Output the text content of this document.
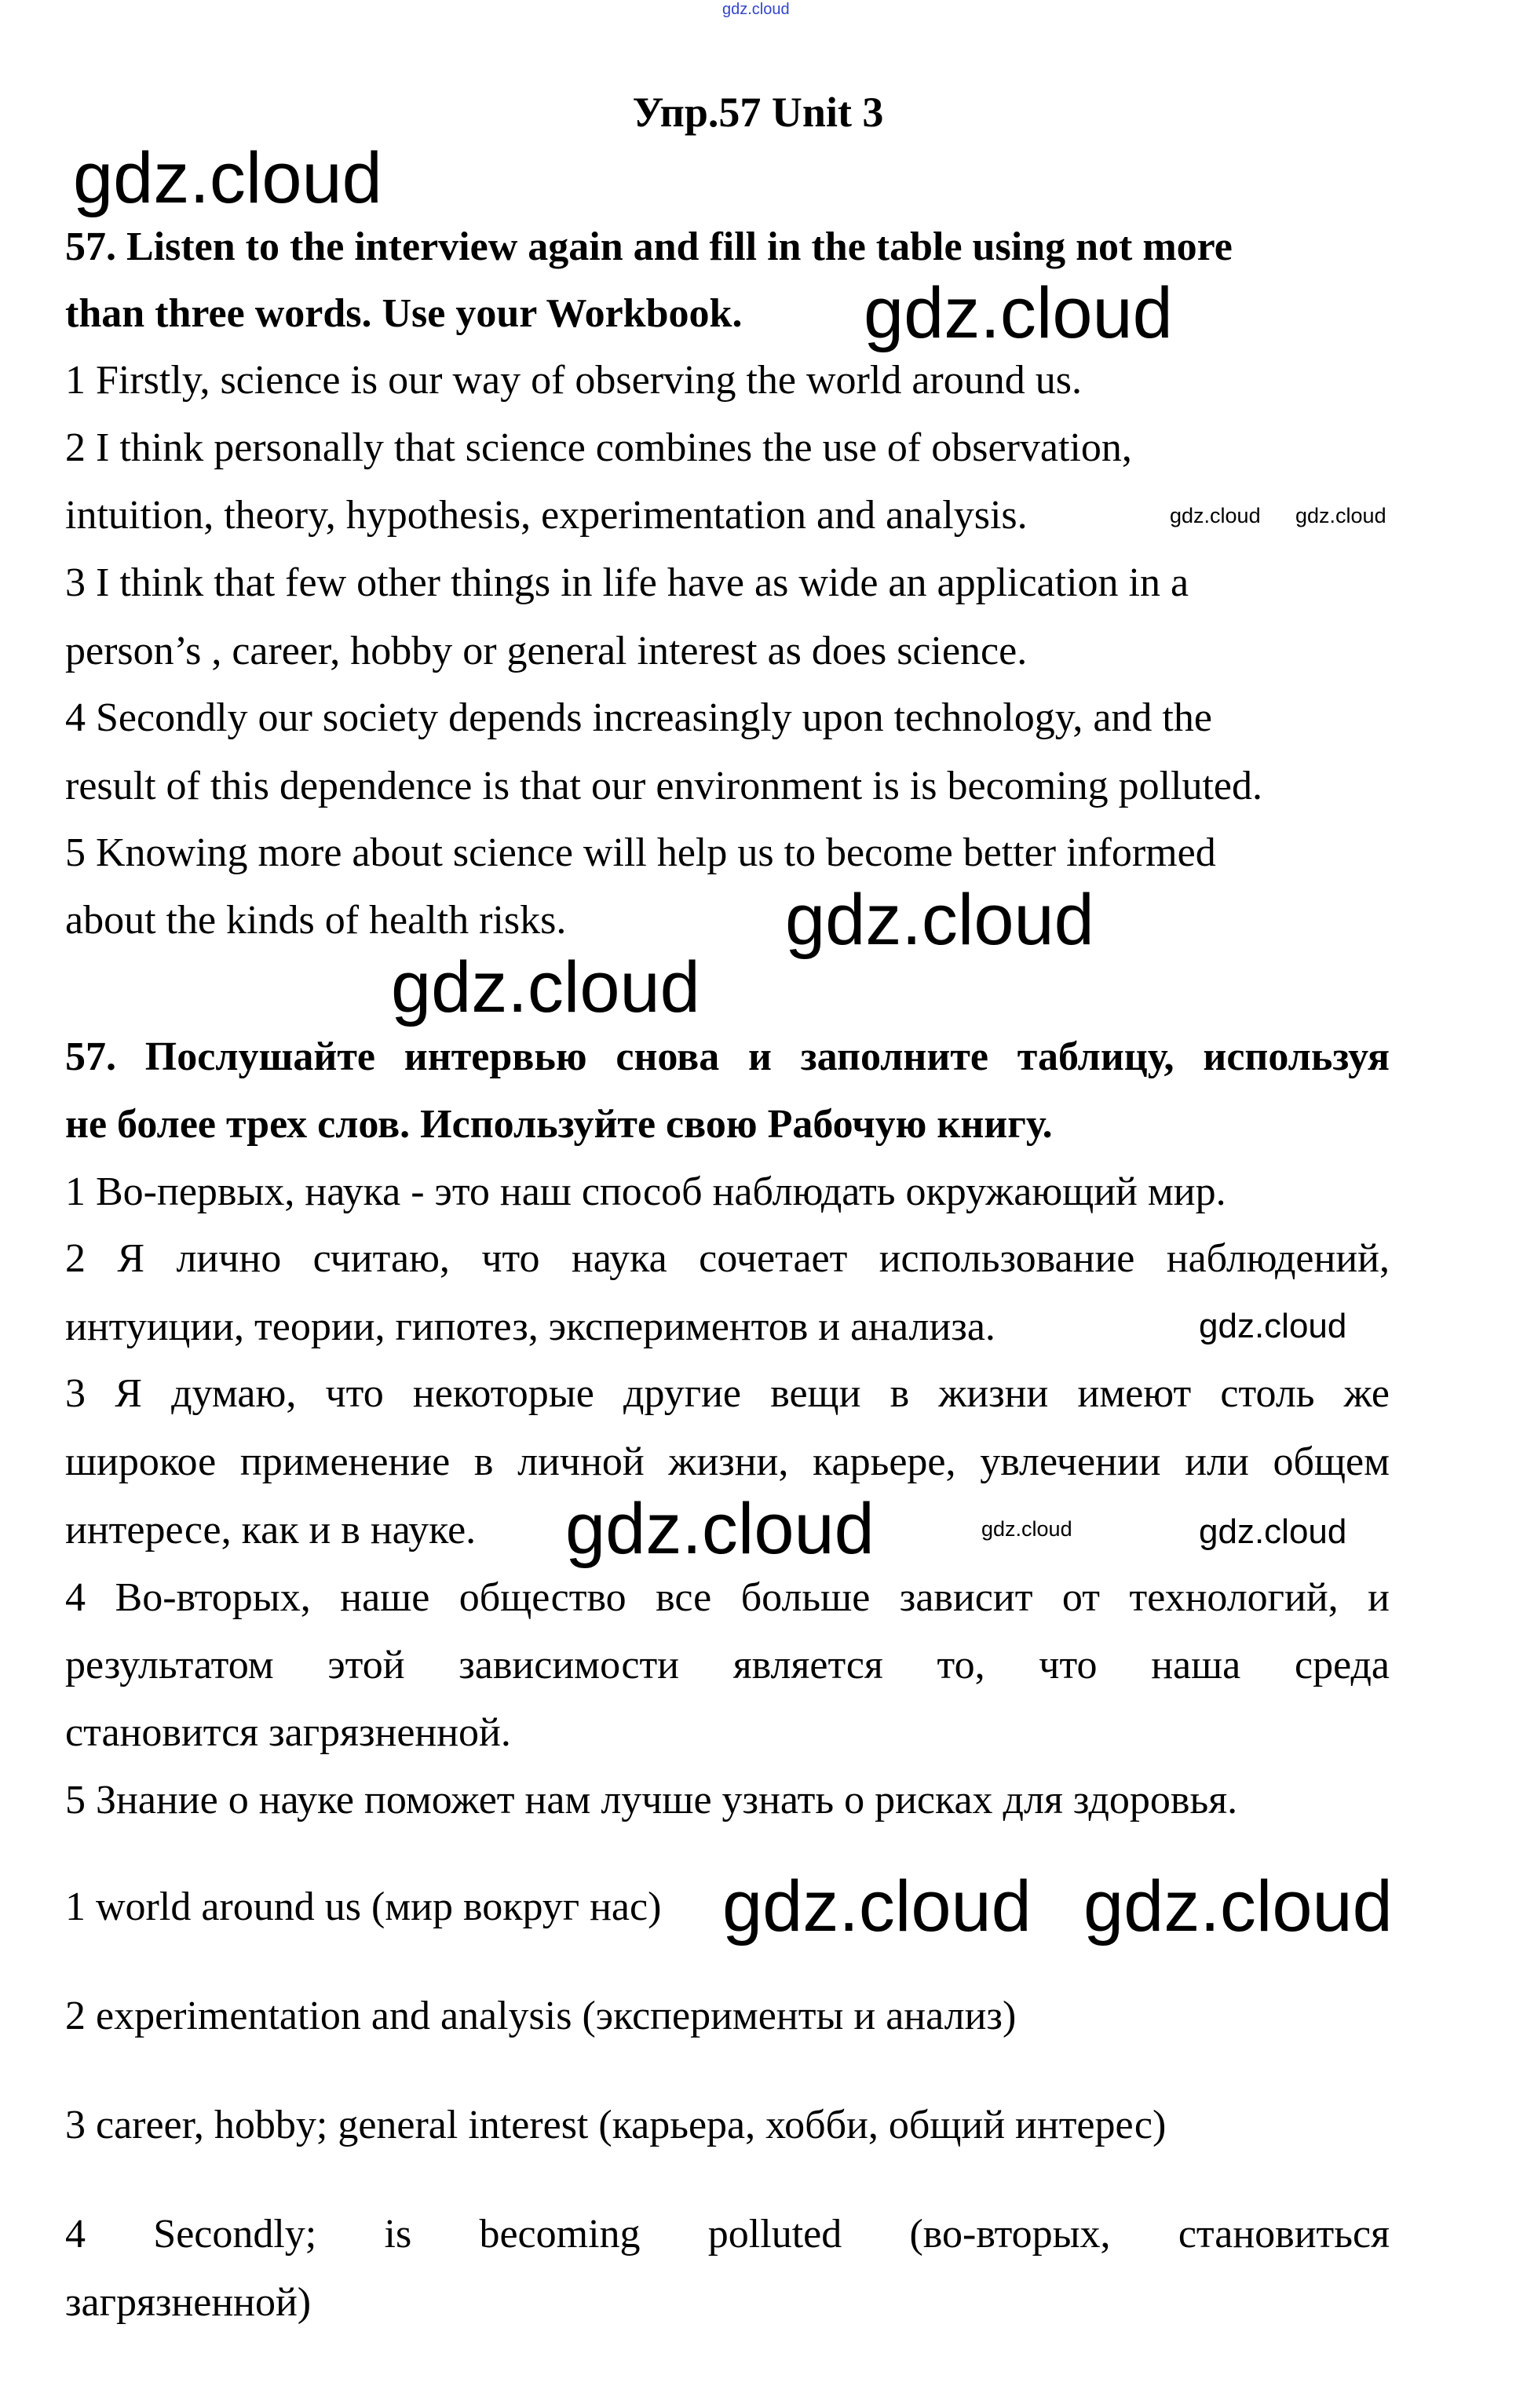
gdz.cloud
Упр.57 Unit 3
57. Listen to the interview again and fill in the table using not more
than three words. Use your Workbook.
1 Firstly, science is our way of observing the world around us.
2 I think personally that science combines the use of observation,
intuition, theory, hypothesis, experimentation and analysis.
3 I think that few other things in life have as wide an application in a
person’s , career, hobby or general interest as does science.
4 Secondly our society depends increasingly upon technology, and the
result of this dependence is that our environment is is becoming polluted.
5 Knowing more about science will help us to become better informed
about the kinds of health risks.
57. Послушайте интервью снова и заполните таблицу, используя
не более трех слов. Используйте свою Рабочую книгу.
1 Во-первых, наука - это наш способ наблюдать окружающий мир.
2 Я лично считаю, что наука сочетает использование наблюдений,
интуиции, теории, гипотез, экспериментов и анализа.
3 Я думаю, что некоторые другие вещи в жизни имеют столь же
широкое применение в личной жизни, карьере, увлечении или общем
интересе, как и в науке.
4 Во-вторых, наше общество все больше зависит от технологий, и
результатом этой зависимости является то, что наша среда
становится загрязненной.
5 Знание о науке поможет нам лучше узнать о рисках для здоровья.
1 world around us (мир вокруг нас)
2 experimentation and analysis (эксперименты и анализ)
3 career, hobby; general interest (карьера, хобби, общий интерес)
4 Secondly; is becoming polluted (во-вторых, становиться
загрязненной)
gdz.cloud
gdz.cloud
gdz.cloud gdz.cloud
gdz.cloud
gdz.cloud
gdz.cloud
gdz.cloud
gdz.cloud	gdz.cloud
gdz.cloud gdz.cloud
